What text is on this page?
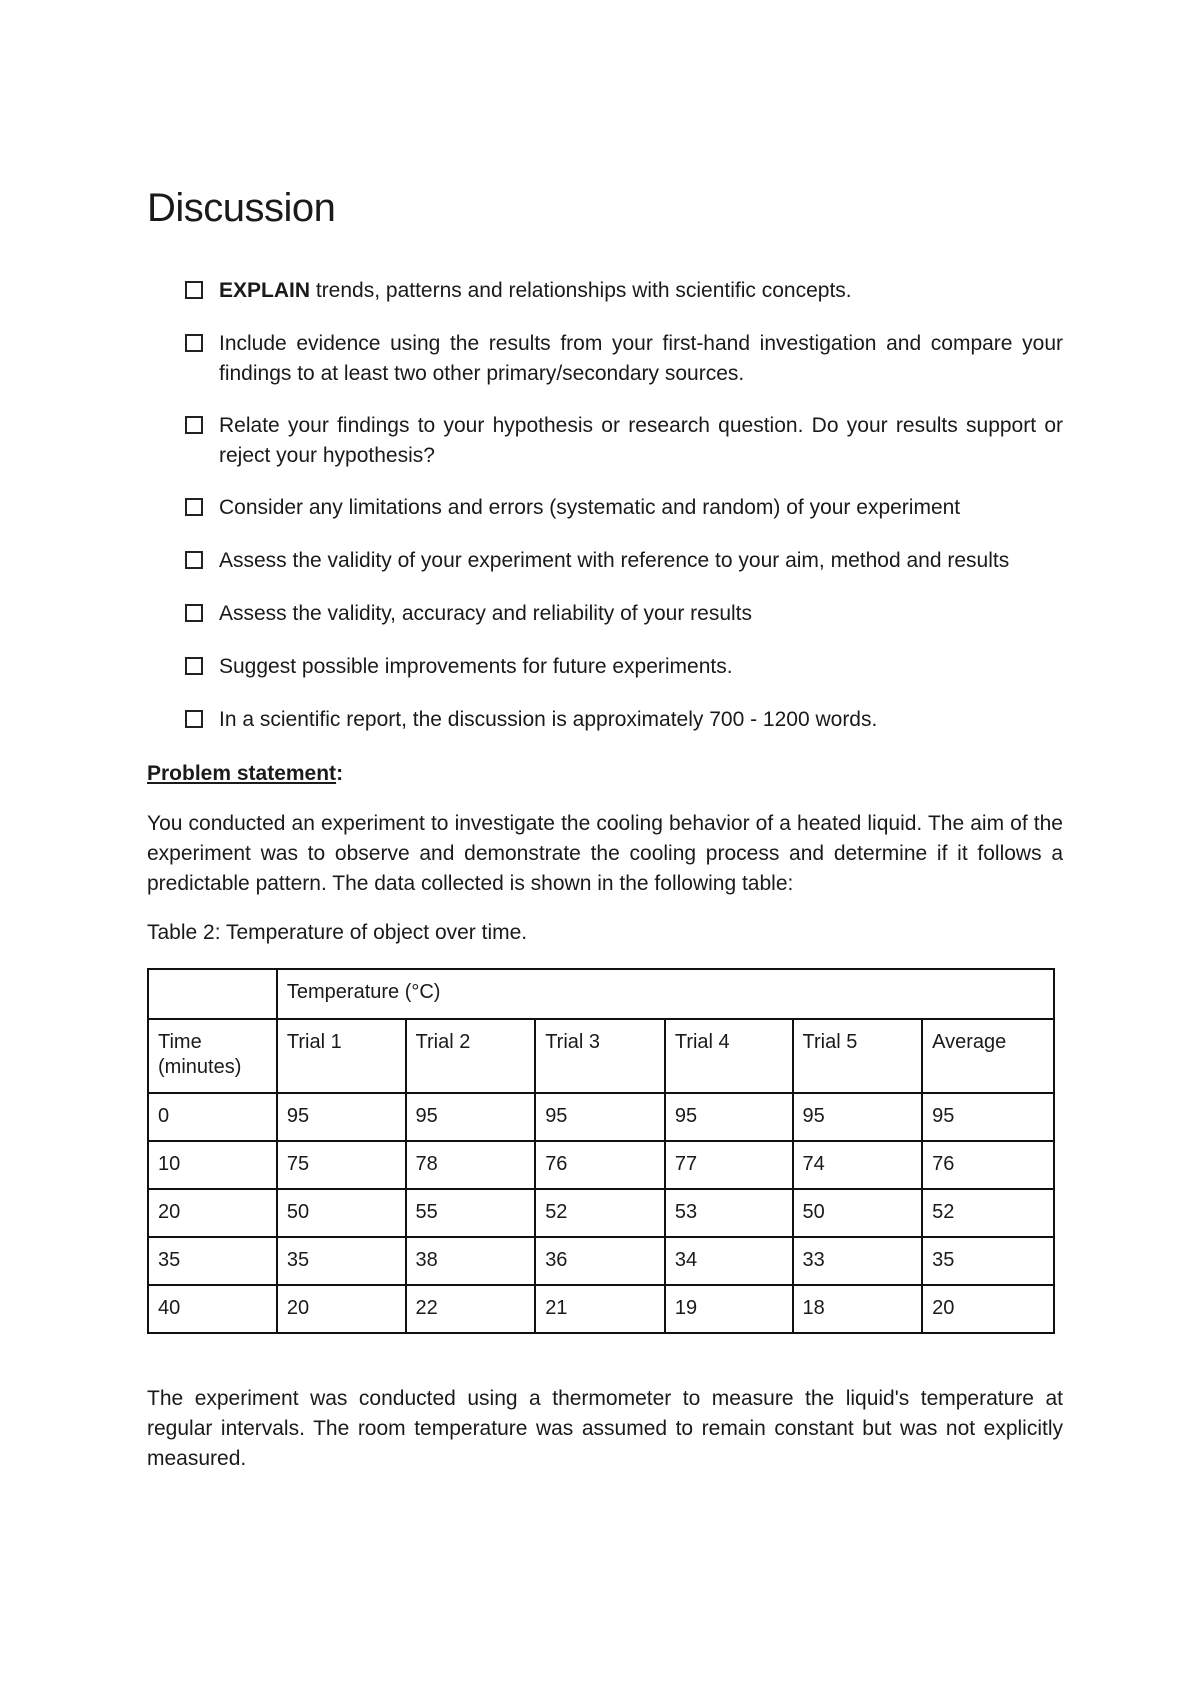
Discussion
EXPLAIN trends, patterns and relationships with scientific concepts.
Include evidence using the results from your first-hand investigation and compare your findings to at least two other primary/secondary sources.
Relate your findings to your hypothesis or research question. Do your results support or reject your hypothesis?
Consider any limitations and errors (systematic and random) of your experiment
Assess the validity of your experiment with reference to your aim, method and results
Assess the validity, accuracy and reliability of your results
Suggest possible improvements for future experiments.
In a scientific report, the discussion is approximately 700 - 1200 words.

Problem statement:

You conducted an experiment to investigate the cooling behavior of a heated liquid. The aim of the experiment was to observe and demonstrate the cooling process and determine if it follows a predictable pattern. The data collected is shown in the following table:

Table 2: Temperature of object over time.

	Temperature (°C)					
Time (minutes)	Trial 1	Trial 2	Trial 3	Trial 4	Trial 5	Average
0	95	95	95	95	95	95
10	75	78	76	77	74	76
20	50	55	52	53	50	52
35	35	38	36	34	33	35
40	20	22	21	19	18	20

The experiment was conducted using a thermometer to measure the liquid's temperature at regular intervals. The room temperature was assumed to remain constant but was not explicitly measured.
